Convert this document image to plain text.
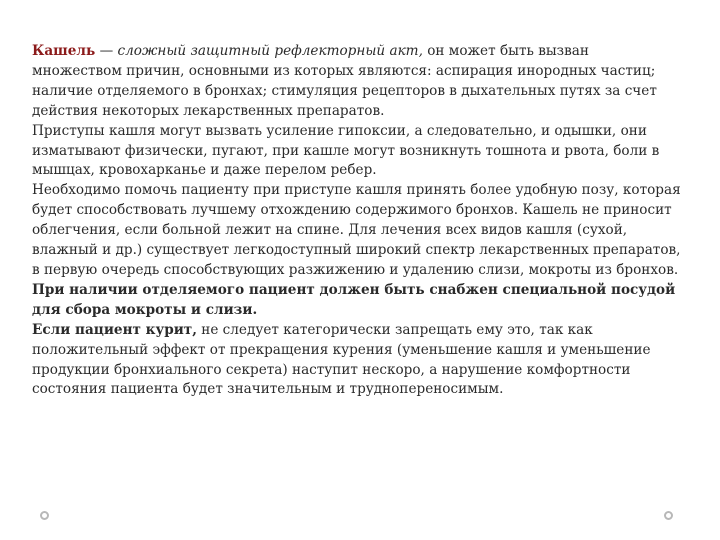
Кашель — сложный защитный рефлекторный акт, он может быть вызван множеством причин, основными из которых являются: аспирация инородных частиц; наличие отделяемого в бронхах; стимуляция рецепторов в дыхательных путях за счет действия некоторых лекарственных препаратов.

Приступы кашля могут вызвать усиление гипоксии, а следовательно, и одышки, они изматывают физически, пугают, при кашле могут возникнуть тошнота и рвота, боли в мышцах, кровохарканье и даже перелом ребер.

Необходимо помочь пациенту при приступе кашля принять более удобную позу, которая будет способствовать лучшему отхождению содержимого бронхов. Кашель не приносит облегчения, если больной лежит на спине. Для лечения всех видов кашля (сухой, влажный и др.) существует легкодоступный широкий спектр лекарственных препаратов, в первую очередь способствующих разжижению и удалению слизи, мокроты из бронхов. При наличии отделяемого пациент должен быть снабжен специальной посудой для сбора мокроты и слизи.

Если пациент курит, не следует категорически запрещать ему это, так как положительный эффект от прекращения курения (уменьшение кашля и уменьшение продукции бронхиального секрета) наступит нескоро, а нарушение комфортности состояния пациента будет значительным и труднопереносимым.
